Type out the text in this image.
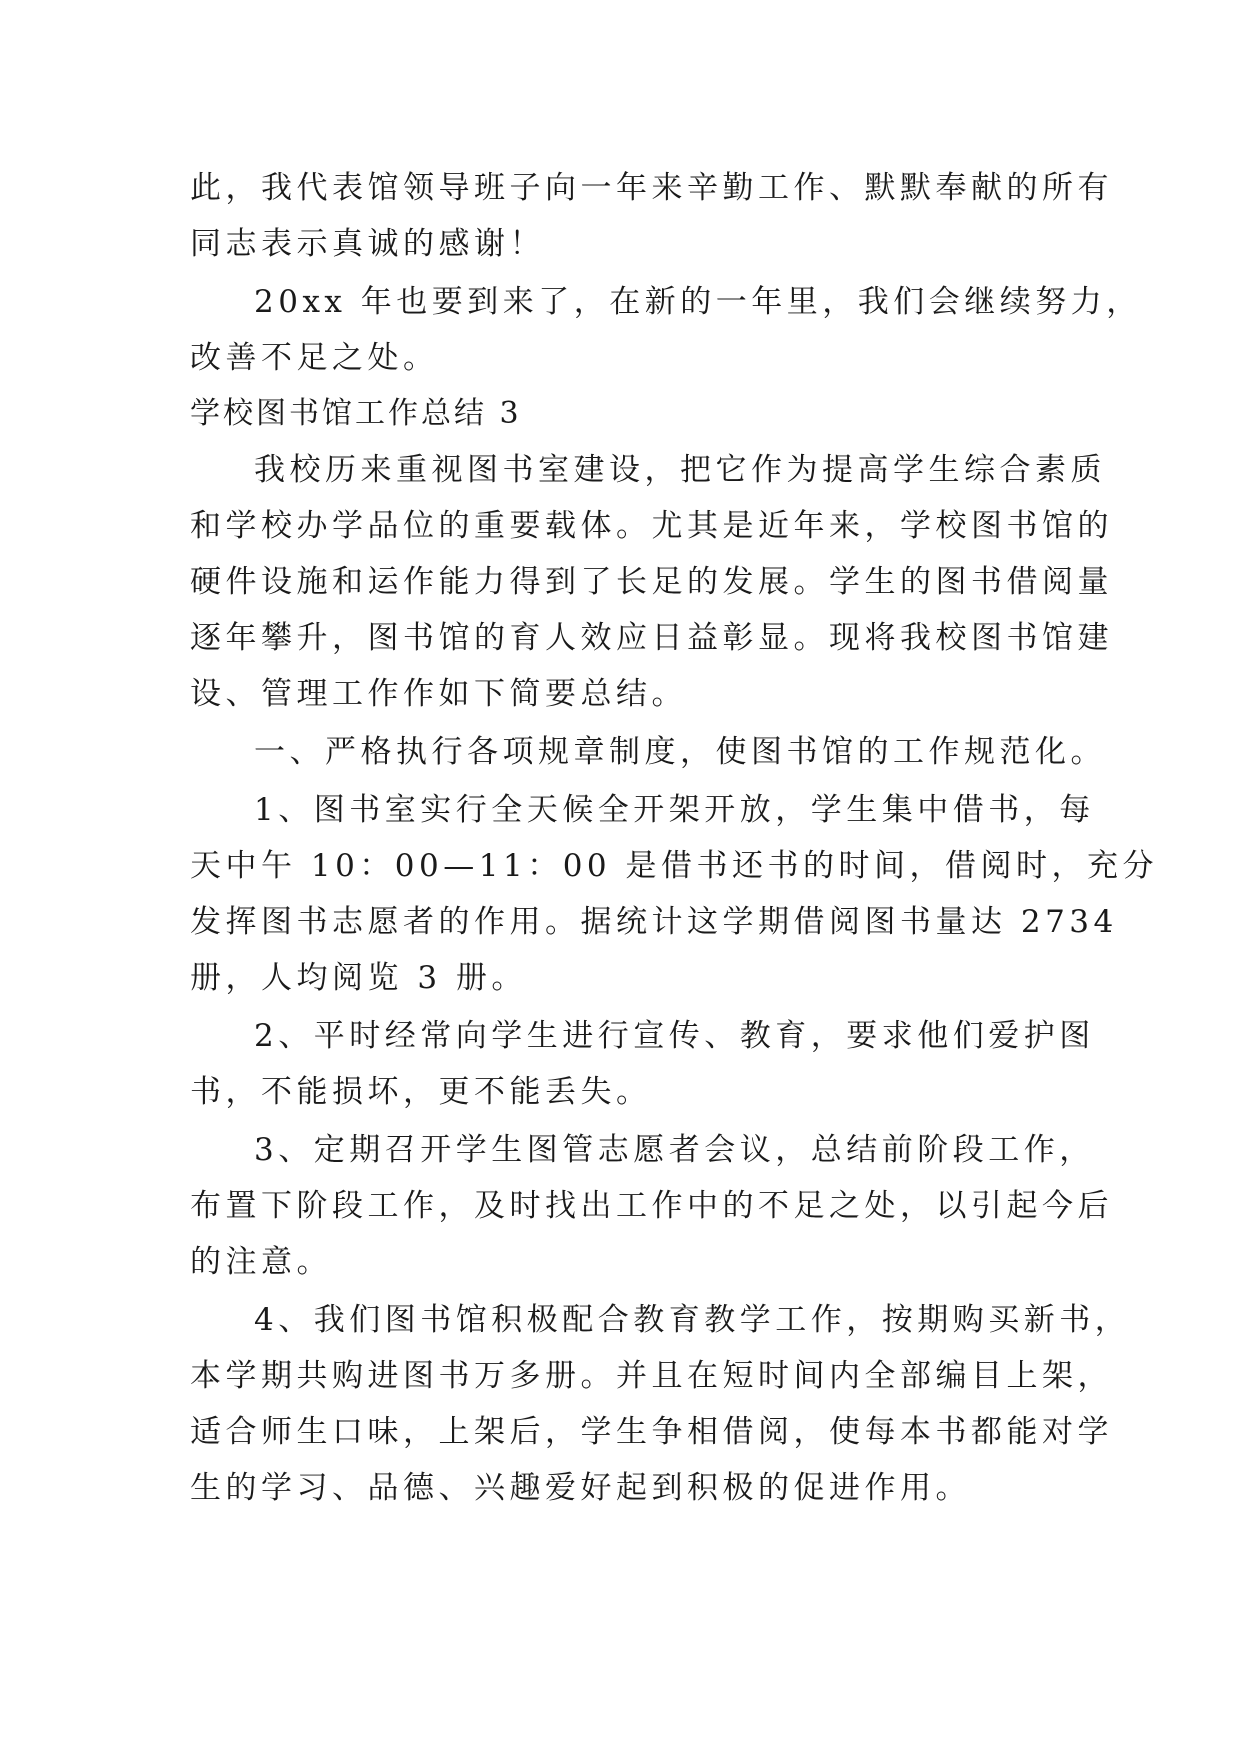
此，我代表馆领导班子向一年来辛勤工作、默默奉献的所有
同志表示真诚的感谢！
20xx 年也要到来了，在新的一年里，我们会继续努力，
改善不足之处。
学校图书馆工作总结 3
我校历来重视图书室建设，把它作为提高学生综合素质
和学校办学品位的重要载体。尤其是近年来，学校图书馆的
硬件设施和运作能力得到了长足的发展。学生的图书借阅量
逐年攀升，图书馆的育人效应日益彰显。现将我校图书馆建
设、管理工作作如下简要总结。
一、严格执行各项规章制度，使图书馆的工作规范化。
1、图书室实行全天候全开架开放，学生集中借书，每
天中午 10：00—11：00 是借书还书的时间，借阅时，充分
发挥图书志愿者的作用。据统计这学期借阅图书量达 2734
册，人均阅览 3 册。
2、平时经常向学生进行宣传、教育，要求他们爱护图
书，不能损坏，更不能丢失。
3、定期召开学生图管志愿者会议，总结前阶段工作，
布置下阶段工作，及时找出工作中的不足之处，以引起今后
的注意。
4、我们图书馆积极配合教育教学工作，按期购买新书，
本学期共购进图书万多册。并且在短时间内全部编目上架，
适合师生口味，上架后，学生争相借阅，使每本书都能对学
生的学习、品德、兴趣爱好起到积极的促进作用。
